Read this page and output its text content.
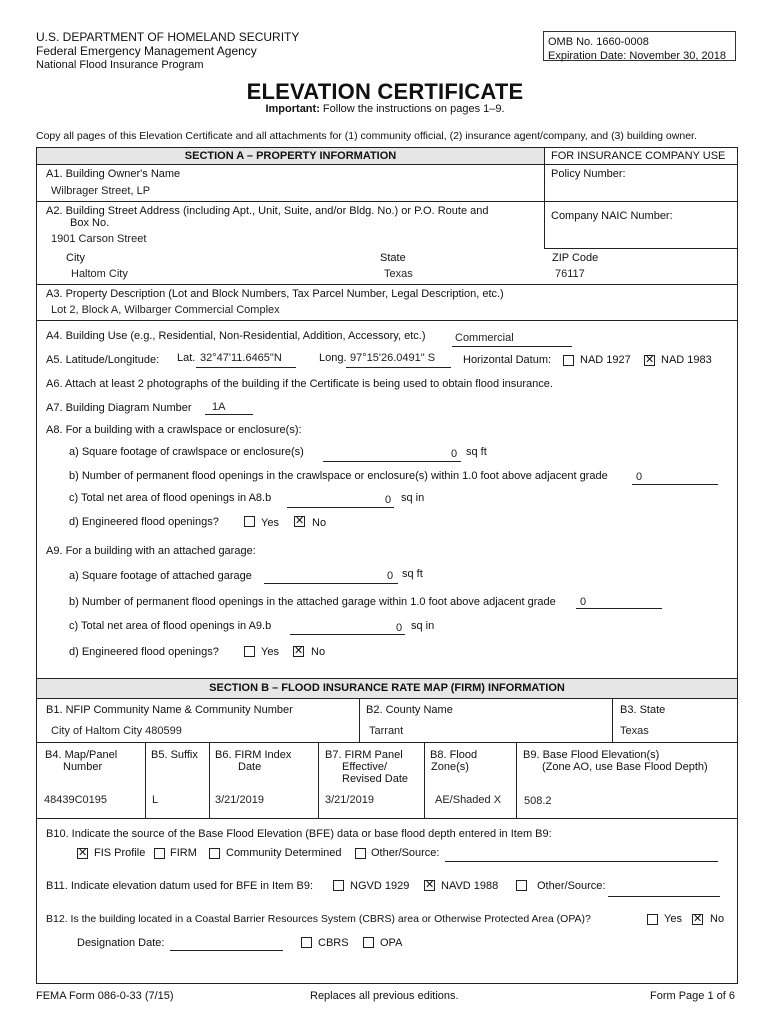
U.S. DEPARTMENT OF HOMELAND SECURITY
Federal Emergency Management Agency
National Flood Insurance Program
OMB No. 1660-0008
Expiration Date: November 30, 2018
ELEVATION CERTIFICATE
Important: Follow the instructions on pages 1–9.
Copy all pages of this Elevation Certificate and all attachments for (1) community official, (2) insurance agent/company, and (3) building owner.
SECTION A – PROPERTY INFORMATION	FOR INSURANCE COMPANY USE
A1. Building Owner's Name
Wilbrager Street, LP
Policy Number:
A2. Building Street Address (including Apt., Unit, Suite, and/or Bldg. No.) or P.O. Route and
Box No.
1901 Carson Street
Company NAIC Number:
City
Haltom City
State
Texas
ZIP Code
76117
A3. Property Description (Lot and Block Numbers, Tax Parcel Number, Legal Description, etc.)
Lot 2, Block A, Wilbarger Commercial Complex
A4. Building Use (e.g., Residential, Non-Residential, Addition, Accessory, etc.)	Commercial
A5. Latitude/Longitude: Lat. 32°47'11.6465"N	Long. 97°15'26.0491" S	Horizontal Datum:	NAD 1927 ✕ NAD 1983
A6. Attach at least 2 photographs of the building if the Certificate is being used to obtain flood insurance.
A7. Building Diagram Number 1A
A8. For a building with a crawlspace or enclosure(s):
a) Square footage of crawlspace or enclosure(s)	0 sq ft
b) Number of permanent flood openings in the crawlspace or enclosure(s) within 1.0 foot above adjacent grade	0
c) Total net area of flood openings in A8.b	0 sq in
d) Engineered flood openings?	Yes ✕ No
A9. For a building with an attached garage:
a) Square footage of attached garage	0 sq ft
b) Number of permanent flood openings in the attached garage within 1.0 foot above adjacent grade 0
c) Total net area of flood openings in A9.b	0 sq in
d) Engineered flood openings?	Yes ✕ No
SECTION B – FLOOD INSURANCE RATE MAP (FIRM) INFORMATION
B1. NFIP Community Name & Community Number
City of Haltom City 480599
B2. County Name
Tarrant
B3. State
Texas
B4. Map/Panel
Number
48439C0195
B5. Suffix
L
B6. FIRM Index
Date
3/21/2019
B7. FIRM Panel
Effective/
Revised Date
3/21/2019
B8. Flood
Zone(s)
AE/Shaded X
B9. Base Flood Elevation(s)
(Zone AO, use Base Flood Depth)
508.2
B10. Indicate the source of the Base Flood Elevation (BFE) data or base flood depth entered in Item B9:
✕ FIS Profile FIRM	Community Determined	Other/Source:
B11. Indicate elevation datum used for BFE in Item B9:	NGVD 1929 ✕ NAVD 1988	Other/Source:
B12. Is the building located in a Coastal Barrier Resources System (CBRS) area or Otherwise Protected Area (OPA)?	Yes ✕ No
Designation Date:	CBRS	OPA
FEMA Form 086-0-33 (7/15)	Replaces all previous editions.	Form Page 1 of 6
